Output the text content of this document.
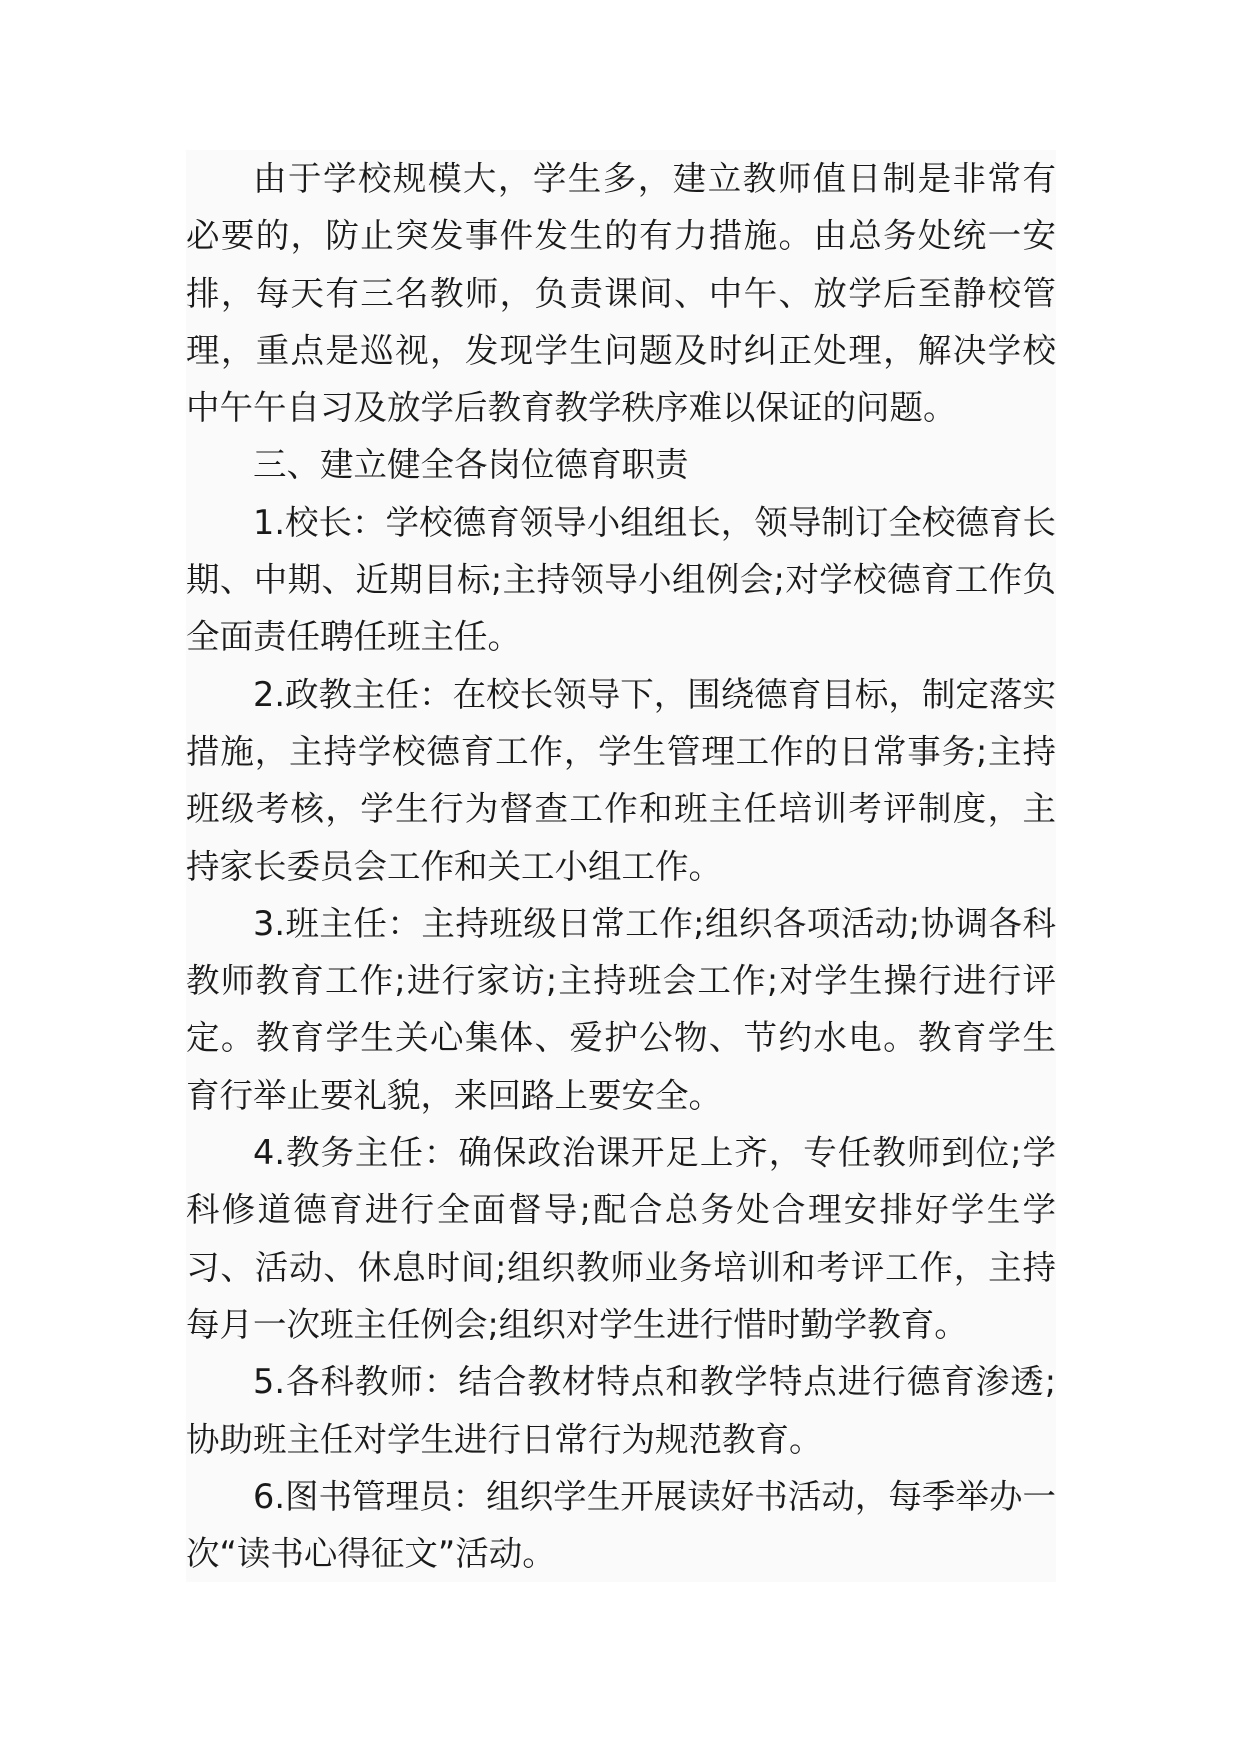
由于学校规模大，学生多，建立教师值日制是非常有必要的，防止突发事件发生的有力措施。由总务处统一安排，每天有三名教师，负责课间、中午、放学后至静校管理，重点是巡视，发现学生问题及时纠正处理，解决学校中午午自习及放学后教育教学秩序难以保证的问题。

三、建立健全各岗位德育职责

1.校长：学校德育领导小组组长，领导制订全校德育长期、中期、近期目标;主持领导小组例会;对学校德育工作负全面责任聘任班主任。

2.政教主任：在校长领导下，围绕德育目标，制定落实措施，主持学校德育工作，学生管理工作的日常事务;主持班级考核，学生行为督查工作和班主任培训考评制度，主持家长委员会工作和关工小组工作。

3.班主任：主持班级日常工作;组织各项活动;协调各科教师教育工作;进行家访;主持班会工作;对学生操行进行评定。教育学生关心集体、爱护公物、节约水电。教育学生育行举止要礼貌，来回路上要安全。

4.教务主任：确保政治课开足上齐，专任教师到位;学科修道德育进行全面督导;配合总务处合理安排好学生学习、活动、休息时间;组织教师业务培训和考评工作，主持每月一次班主任例会;组织对学生进行惜时勤学教育。

5.各科教师：结合教材特点和教学特点进行德育渗透;协助班主任对学生进行日常行为规范教育。

6.图书管理员：组织学生开展读好书活动，每季举办一次“读书心得征文”活动。
